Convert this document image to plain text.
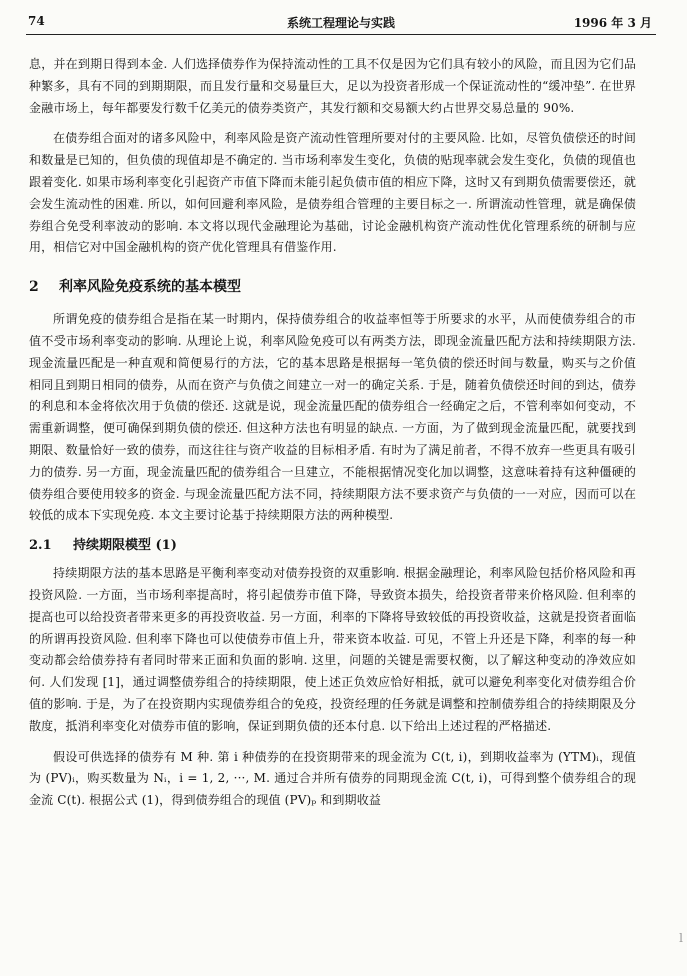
74	系统工程理论与实践	1996 年 3 月

息，并在到期日得到本金. 人们选择债券作为保持流动性的工具不仅是因为它们具有较小的风险，而且因为它们品种繁多，具有不同的到期期限，而且发行量和交易量巨大，足以为投资者形成一个保证流动性的“缓冲垫”. 在世界金融市场上，每年都要发行数千亿美元的债券类资产，其发行额和交易额大约占世界交易总量的 90%.

在债券组合面对的诸多风险中，利率风险是资产流动性管理所要对付的主要风险. 比如，尽管负债偿还的时间和数量是已知的，但负债的现值却是不确定的. 当市场利率发生变化，负债的贴现率就会发生变化，负债的现值也跟着变化. 如果市场利率变化引起资产市值下降而未能引起负债市值的相应下降，这时又有到期负债需要偿还，就会发生流动性的困难. 所以，如何回避利率风险，是债券组合管理的主要目标之一. 所谓流动性管理，就是确保债券组合免受利率波动的影响. 本文将以现代金融理论为基础，讨论金融机构资产流动性优化管理系统的研制与应用，相信它对中国金融机构的资产优化管理具有借鉴作用.

2 利率风险免疫系统的基本模型

所谓免疫的债券组合是指在某一时期内，保持债券组合的收益率恒等于所要求的水平，从而使债券组合的市值不受市场利率变动的影响. 从理论上说，利率风险免疫可以有两类方法，即现金流量匹配方法和持续期限方法. 现金流量匹配是一种直观和简便易行的方法，它的基本思路是根据每一笔负债的偿还时间与数量，购买与之价值相同且到期日相同的债券，从而在资产与负债之间建立一对一的确定关系. 于是，随着负债偿还时间的到达，债券的利息和本金将依次用于负债的偿还. 这就是说，现金流量匹配的债券组合一经确定之后，不管利率如何变动，不需重新调整，便可确保到期负债的偿还. 但这种方法也有明显的缺点. 一方面，为了做到现金流量匹配，就要找到期限、数量恰好一致的债券，而这往往与资产收益的目标相矛盾. 有时为了满足前者，不得不放弃一些更具有吸引力的债券. 另一方面，现金流量匹配的债券组合一旦建立，不能根据情况变化加以调整，这意味着持有这种僵硬的债券组合要使用较多的资金. 与现金流量匹配方法不同，持续期限方法不要求资产与负债的一一对应，因而可以在较低的成本下实现免疫. 本文主要讨论基于持续期限方法的两种模型.

2.1 持续期限模型 (1)

持续期限方法的基本思路是平衡利率变动对债券投资的双重影响. 根据金融理论，利率风险包括价格风险和再投资风险. 一方面，当市场利率提高时，将引起债券市值下降，导致资本损失，给投资者带来价格风险. 但利率的提高也可以给投资者带来更多的再投资收益. 另一方面，利率的下降将导致较低的再投资收益，这就是投资者面临的所谓再投资风险. 但利率下降也可以使债券市值上升，带来资本收益. 可见，不管上升还是下降，利率的每一种变动都会给债券持有者同时带来正面和负面的影响. 这里，问题的关键是需要权衡，以了解这种变动的净效应如何. 人们发现 [1]，通过调整债券组合的持续期限，使上述正负效应恰好相抵，就可以避免利率变化对债券组合价值的影响. 于是，为了在投资期内实现债券组合的免疫，投资经理的任务就是调整和控制债券组合的持续期限及分散度，抵消利率变化对债券市值的影响，保证到期负债的还本付息. 以下给出上述过程的严格描述.

假设可供选择的债券有 M 种. 第 i 种债券的在投资期带来的现金流为 C(t, i)，到期收益率为 (YTM)ᵢ，现值为 (PV)ᵢ，购买数量为 Nᵢ，i = 1, 2, ···, M. 通过合并所有债券的同期现金流 C(t, i)，可得到整个债券组合的现金流 C(t). 根据公式 (1)，得到债券组合的现值 (PV)ₚ 和到期收益

l
